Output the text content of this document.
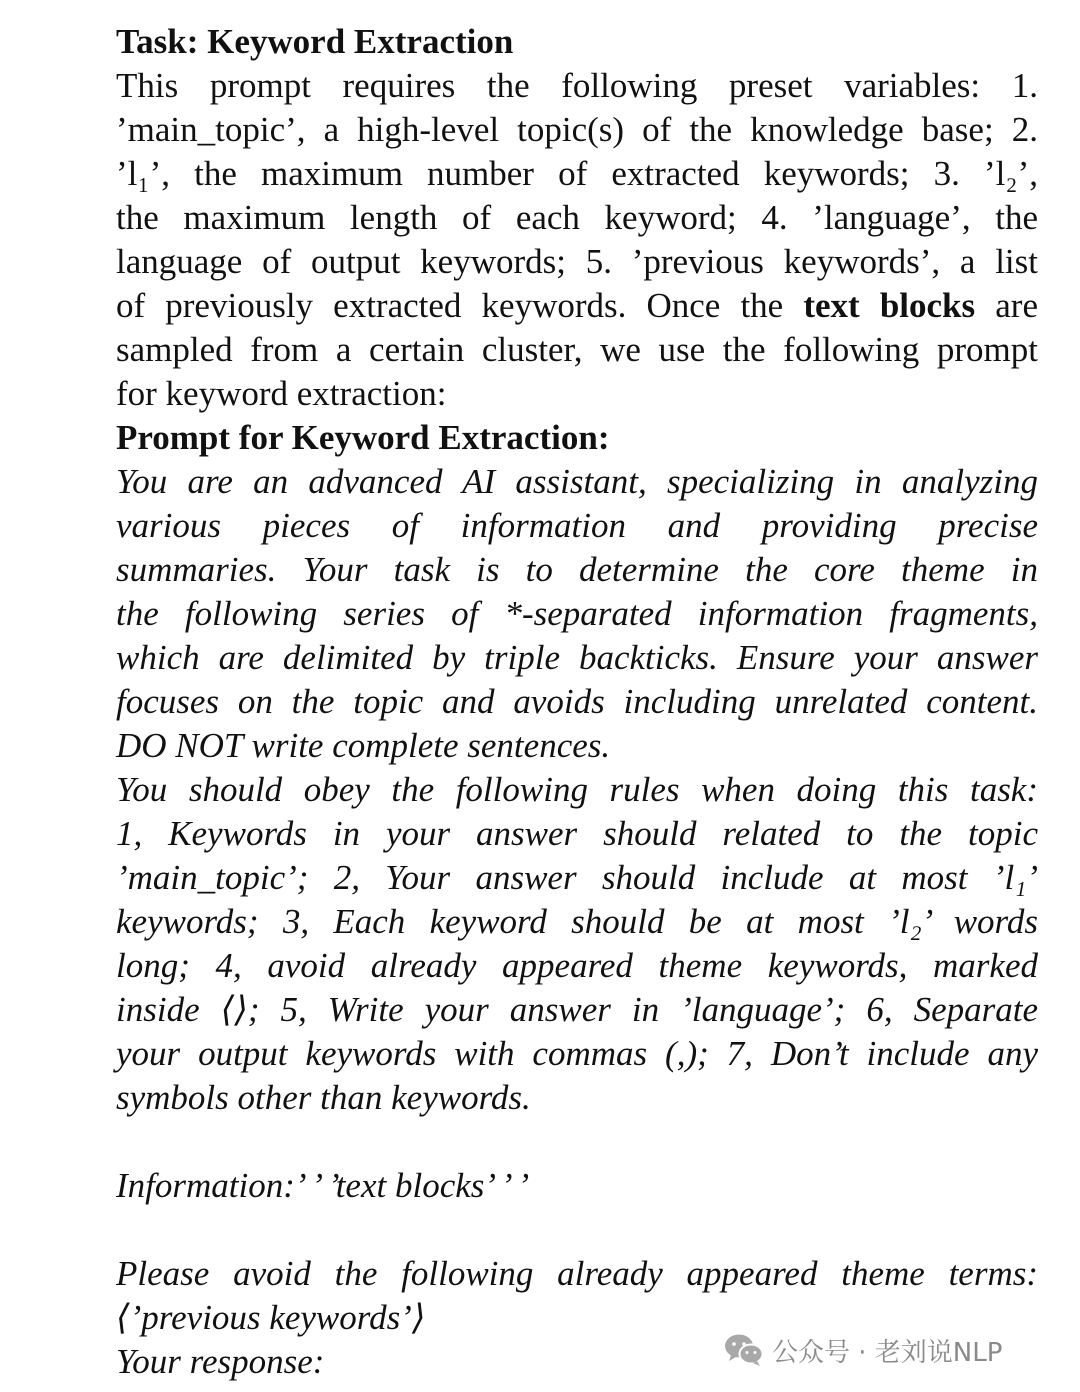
Task: Keyword Extraction
This prompt requires the following preset variables: 1.
’main_topic’, a high-level topic(s) of the knowledge base; 2.
’l₁’, the maximum number of extracted keywords; 3. ’l₂’,
the maximum length of each keyword; 4. ’language’, the
language of output keywords; 5. ’previous keywords’, a list
of previously extracted keywords. Once the text blocks are
sampled from a certain cluster, we use the following prompt
for keyword extraction:
Prompt for Keyword Extraction:
You are an advanced AI assistant, specializing in analyzing
various pieces of information and providing precise
summaries. Your task is to determine the core theme in
the following series of *-separated information fragments,
which are delimited by triple backticks. Ensure your answer
focuses on the topic and avoids including unrelated content.
DO NOT write complete sentences.
You should obey the following rules when doing this task:
1, Keywords in your answer should related to the topic
’main_topic’; 2, Your answer should include at most ’l₁’
keywords; 3, Each keyword should be at most ’l₂’ words
long; 4, avoid already appeared theme keywords, marked
inside ⟨⟩; 5, Write your answer in ’language’; 6, Separate
your output keywords with commas (,); 7, Don’t include any
symbols other than keywords.
Information:’ ’ ’text blocks’ ’ ’
Please avoid the following already appeared theme terms:
⟨’previous keywords’⟩
Your response:	公众号 · 老刘说NLP
